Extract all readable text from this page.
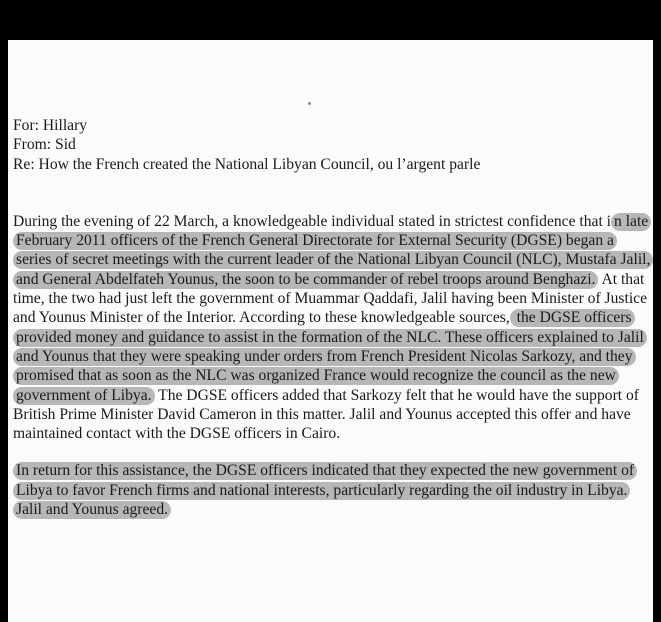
For: Hillary
From: Sid
Re: How the French created the National Libyan Council, ou l’argent parle
During the evening of 22 March, a knowledgeable individual stated in strictest confidence that i n late February 2011 officers of the French General Directorate for External Security (DGSE) began a series of secret meetings with the current leader of the National Libyan Council (NLC), Mustafa Jalil, and General Abdelfateh Younus, the soon to be commander of rebel troops around Benghazi. At that time, the two had just left the government of Muammar Qaddafi, Jalil having been Minister of Justice and Younus Minister of the Interior. According to these knowledgeable sources, the DGSE officers provided money and guidance to assist in the formation of the NLC. These officers explained to Jalil and Younus that they were speaking under orders from French President Nicolas Sarkozy, and they promised that as soon as the NLC was organized France would recognize the council as the new government of Libya. The DGSE officers added that Sarkozy felt that he would have the support of British Prime Minister David Cameron in this matter. Jalil and Younus accepted this offer and have maintained contact with the DGSE officers in Cairo.
In return for this assistance, the DGSE officers indicated that they expected the new government of Libya to favor French firms and national interests, particularly regarding the oil industry in Libya. Jalil and Younus agreed.
